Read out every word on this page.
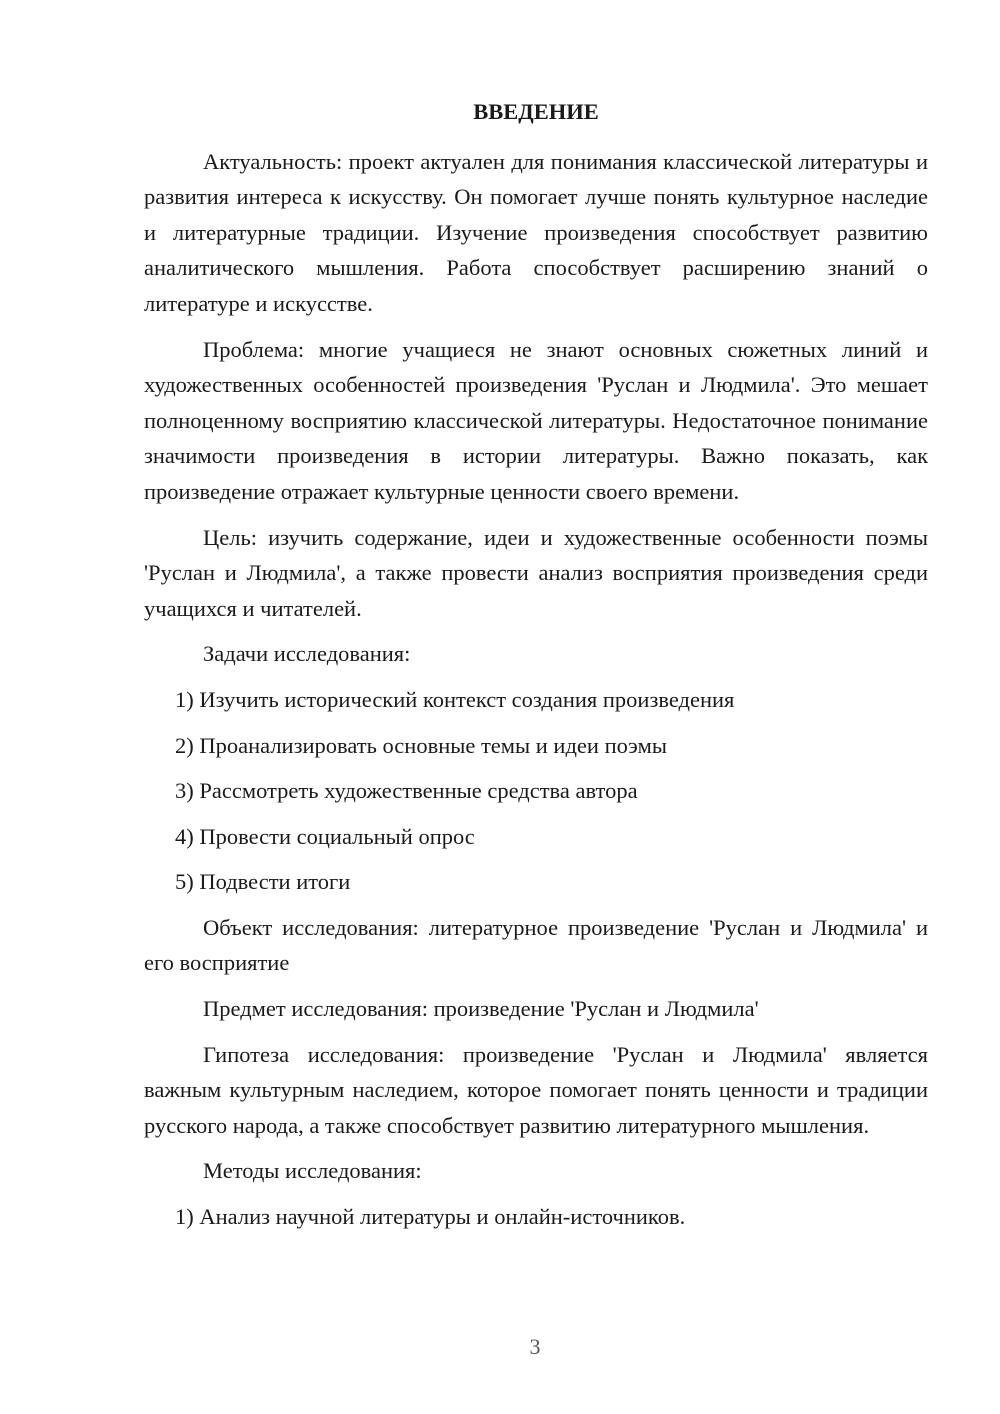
ВВЕДЕНИЕ

Актуальность: проект актуален для понимания классической литературы и развития интереса к искусству. Он помогает лучше понять культурное наследие и литературные традиции. Изучение произведения способствует развитию аналитического мышления. Работа способствует расширению знаний о литературе и искусстве.

Проблема: многие учащиеся не знают основных сюжетных линий и художественных особенностей произведения 'Руслан и Людмила'. Это мешает полноценному восприятию классической литературы. Недостаточное понимание значимости произведения в истории литературы. Важно показать, как произведение отражает культурные ценности своего времени.

Цель: изучить содержание, идеи и художественные особенности поэмы 'Руслан и Людмила', а также провести анализ восприятия произведения среди учащихся и читателей.

Задачи исследования:

1) Изучить исторический контекст создания произведения
2) Проанализировать основные темы и идеи поэмы
3) Рассмотреть художественные средства автора
4) Провести социальный опрос
5) Подвести итоги

Объект исследования: литературное произведение 'Руслан и Людмила' и его восприятие

Предмет исследования: произведение 'Руслан и Людмила'

Гипотеза исследования: произведение 'Руслан и Людмила' является важным культурным наследием, которое помогает понять ценности и традиции русского народа, а также способствует развитию литературного мышления.

Методы исследования:

1) Анализ научной литературы и онлайн-источников.
3
